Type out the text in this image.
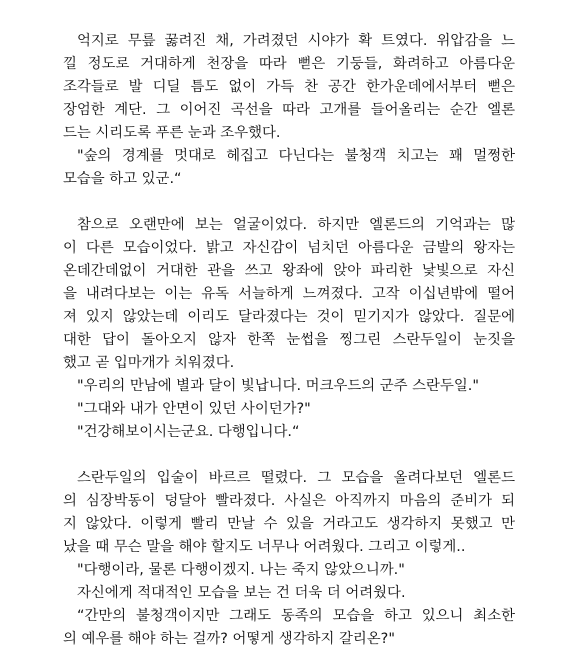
억지로 무릎 꿇려진 채, 가려졌던 시야가 확 트였다. 위압감을 느
낄 정도로 거대하게 천장을 따라 뻗은 기둥들, 화려하고 아름다운
조각들로 발 디딜 틈도 없이 가득 찬 공간 한가운데에서부터 뻗은
장엄한 계단. 그 이어진 곡선을 따라 고개를 들어올리는 순간 엘론
드는 시리도록 푸른 눈과 조우했다.
"숲의 경계를 멋대로 헤집고 다닌다는 불청객 치고는 꽤 멀쩡한
모습을 하고 있군.“
참으로 오랜만에 보는 얼굴이었다. 하지만 엘론드의 기억과는 많
이 다른 모습이었다. 밝고 자신감이 넘치던 아름다운 금발의 왕자는
온데간데없이 거대한 관을 쓰고 왕좌에 앉아 파리한 낯빛으로 자신
을 내려다보는 이는 유독 서늘하게 느껴졌다. 고작 이십년밖에 떨어
져 있지 않았는데 이리도 달라졌다는 것이 믿기지가 않았다. 질문에
대한 답이 돌아오지 않자 한쪽 눈썹을 찡그린 스란두일이 눈짓을
했고 곧 입마개가 치워졌다.
"우리의 만남에 별과 달이 빛납니다. 머크우드의 군주 스란두일."
"그대와 내가 안면이 있던 사이던가?"
"건강해보이시는군요. 다행입니다.“
스란두일의 입술이 바르르 떨렸다. 그 모습을 올려다보던 엘론드
의 심장박동이 덩달아 빨라졌다. 사실은 아직까지 마음의 준비가 되
지 않았다. 이렇게 빨리 만날 수 있을 거라고도 생각하지 못했고 만
났을 때 무슨 말을 해야 할지도 너무나 어려웠다. 그리고 이렇게..
"다행이라, 물론 다행이겠지. 나는 죽지 않았으니까."
자신에게 적대적인 모습을 보는 건 더욱 더 어려웠다.
“간만의 불청객이지만 그래도 동족의 모습을 하고 있으니 최소한
의 예우를 해야 하는 걸까? 어떻게 생각하지 갈리온?"
